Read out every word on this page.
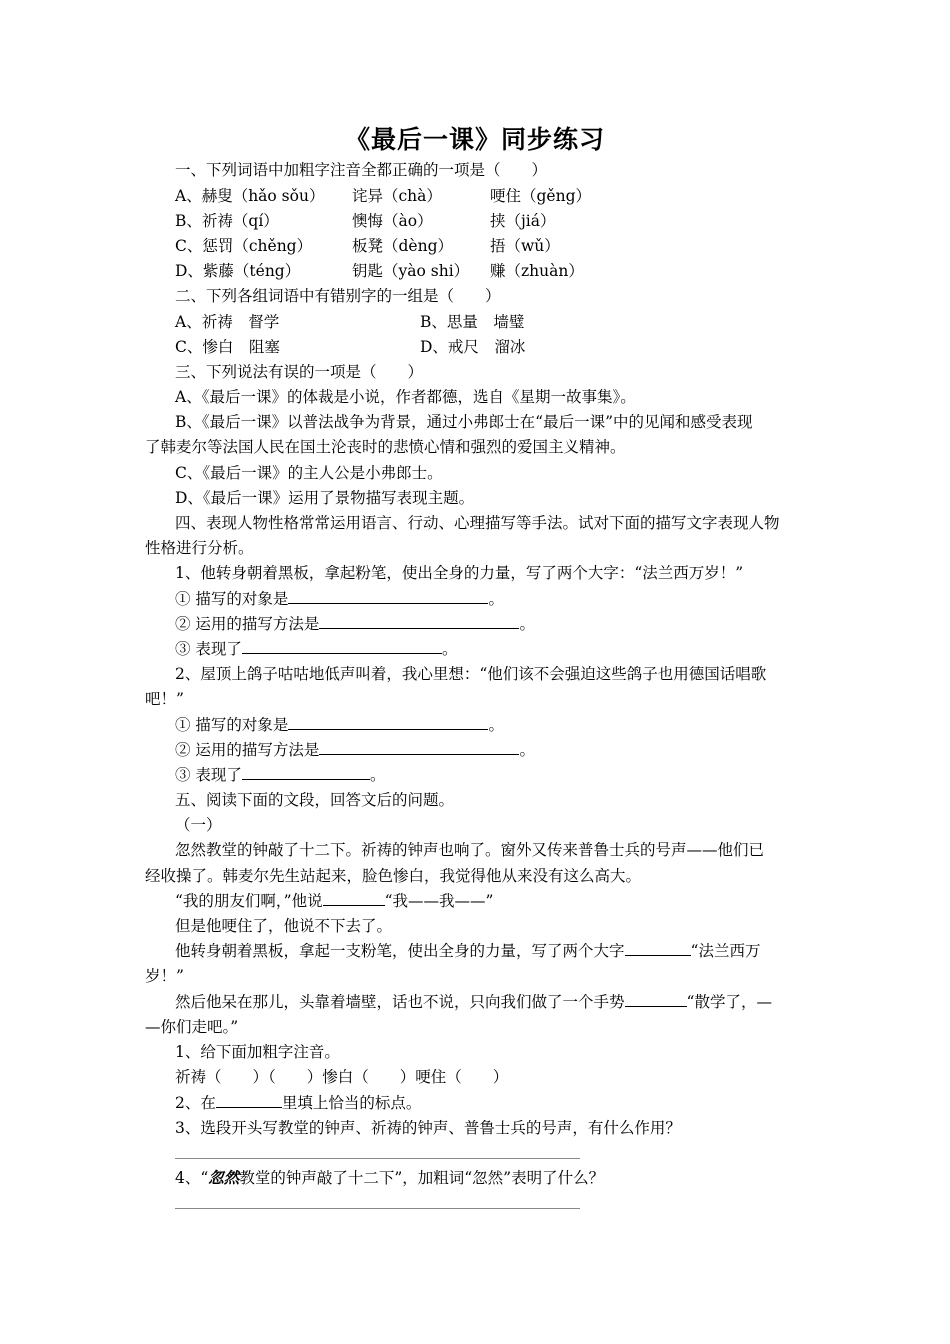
《最后一课》同步练习
一、下列词语中加粗字注音全都正确的一项是（　　）
A、赫叟（hǎo sǒu） 诧异（chà）	哽住（gěng）
B、祈祷（qí）	懊悔（ào）	挟（jiá）
C、惩罚（chěng）	板凳（dèng） 捂（wǔ）
D、紫藤（téng）	钥匙（yào shi） 赚（zhuàn）
二、下列各组词语中有错别字的一组是（　　）
A、祈祷　督学	B、思量　墙璧
C、惨白　阻塞	D、戒尺　溜冰
三、下列说法有误的一项是（　　）
A、《最后一课》的体裁是小说，作者都德，选自《星期一故事集》。
B、《最后一课》以普法战争为背景，通过小弗郎士在“最后一课”中的见闻和感受表现
了韩麦尔等法国人民在国土沦丧时的悲愤心情和强烈的爱国主义精神。
C、《最后一课》的主人公是小弗郎士。
D、《最后一课》运用了景物描写表现主题。
四、表现人物性格常常运用语言、行动、心理描写等手法。试对下面的描写文字表现人物
性格进行分析。
1、他转身朝着黑板，拿起粉笔，使出全身的力量，写了两个大字：“法兰西万岁！”
① 描写的对象是	。
② 运用的描写方法是	。
③ 表现了	。
2、屋顶上鸽子咕咕地低声叫着，我心里想：“他们该不会强迫这些鸽子也用德国话唱歌
吧！”
① 描写的对象是	。
② 运用的描写方法是	。
③ 表现了	。
五、阅读下面的文段，回答文后的问题。
（一）
忽然教堂的钟敲了十二下。祈祷的钟声也响了。窗外又传来普鲁士兵的号声——他们已
经收操了。韩麦尔先生站起来，脸色惨白，我觉得他从来没有这么高大。
“我的朋友们啊，”他说	“我——我——”
但是他哽住了，他说不下去了。
他转身朝着黑板，拿起一支粉笔，使出全身的力量，写了两个大字	“法兰西万
岁！”
然后他呆在那儿，头靠着墙壁，话也不说，只向我们做了一个手势	“散学了，—
—你们走吧。”
1、给下面加粗字注音。
祈祷（　　）（　　）惨白（　　）哽住（　　）
2、在	里填上恰当的标点。
3、选段开头写教堂的钟声、祈祷的钟声、普鲁士兵的号声，有什么作用？
4、“忽然教堂的钟声敲了十二下”，加粗词“忽然”表明了什么？
